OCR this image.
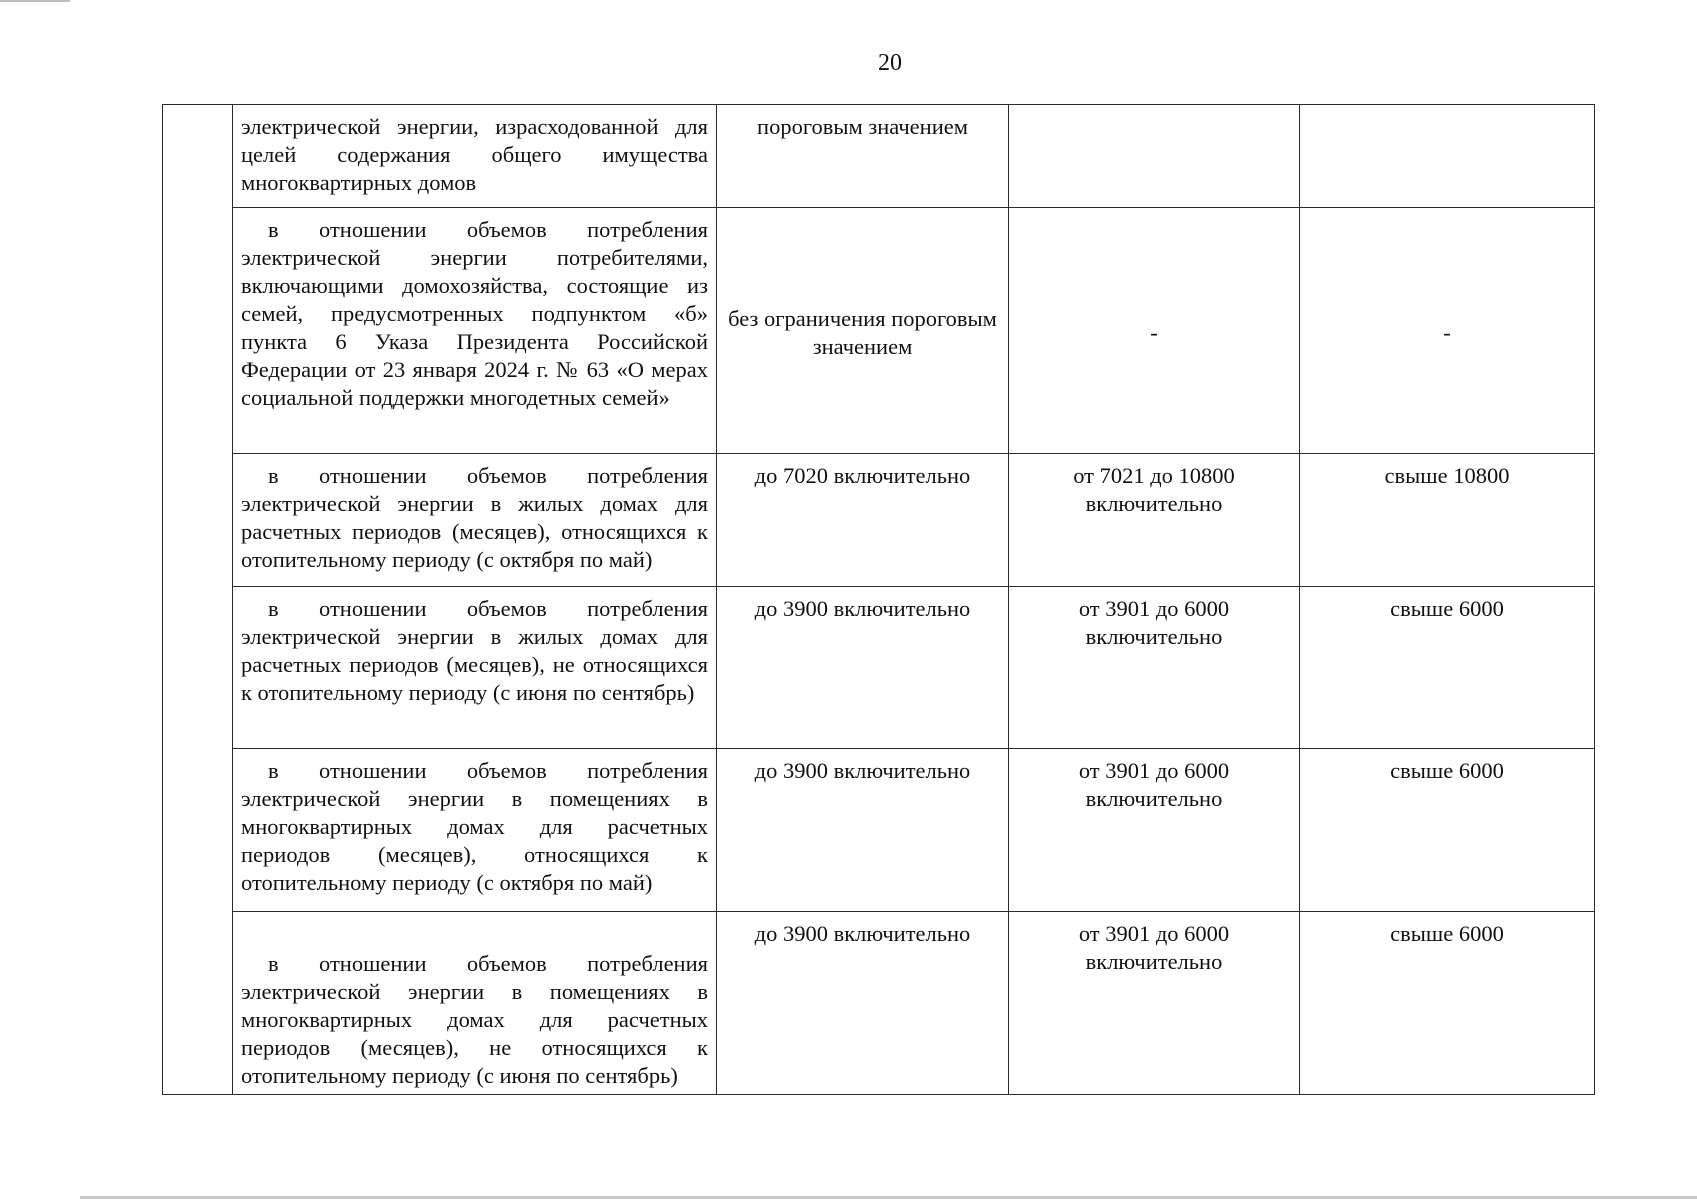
20
	электрической энергии, израсходованной для целей содержания общего имущества многоквартирных домов	пороговым значением		
	в отношении объемов потребления электрической энергии потребителями, включающими домохозяйства, состоящие из семей, предусмотренных подпунктом «б» пункта 6 Указа Президента Российской Федерации от 23 января 2024 г. № 63 «О мерах социальной поддержки многодетных семей»	без ограничения пороговым значением	-	-
	в отношении объемов потребления электрической энергии в жилых домах для расчетных периодов (месяцев), относящихся к отопительному периоду (с октября по май)	до 7020 включительно	от 7021 до 10800 включительно	свыше 10800
	в отношении объемов потребления электрической энергии в жилых домах для расчетных периодов (месяцев), не относящихся к отопительному периоду (с июня по сентябрь)	до 3900 включительно	от 3901 до 6000 включительно	свыше 6000
	в отношении объемов потребления электрической энергии в помещениях в многоквартирных домах для расчетных периодов (месяцев), относящихся к отопительному периоду (с октября по май)	до 3900 включительно	от 3901 до 6000 включительно	свыше 6000
	в отношении объемов потребления электрической энергии в помещениях в многоквартирных домах для расчетных периодов (месяцев), не относящихся к отопительному периоду (с июня по сентябрь)	до 3900 включительно	от 3901 до 6000 включительно	свыше 6000
